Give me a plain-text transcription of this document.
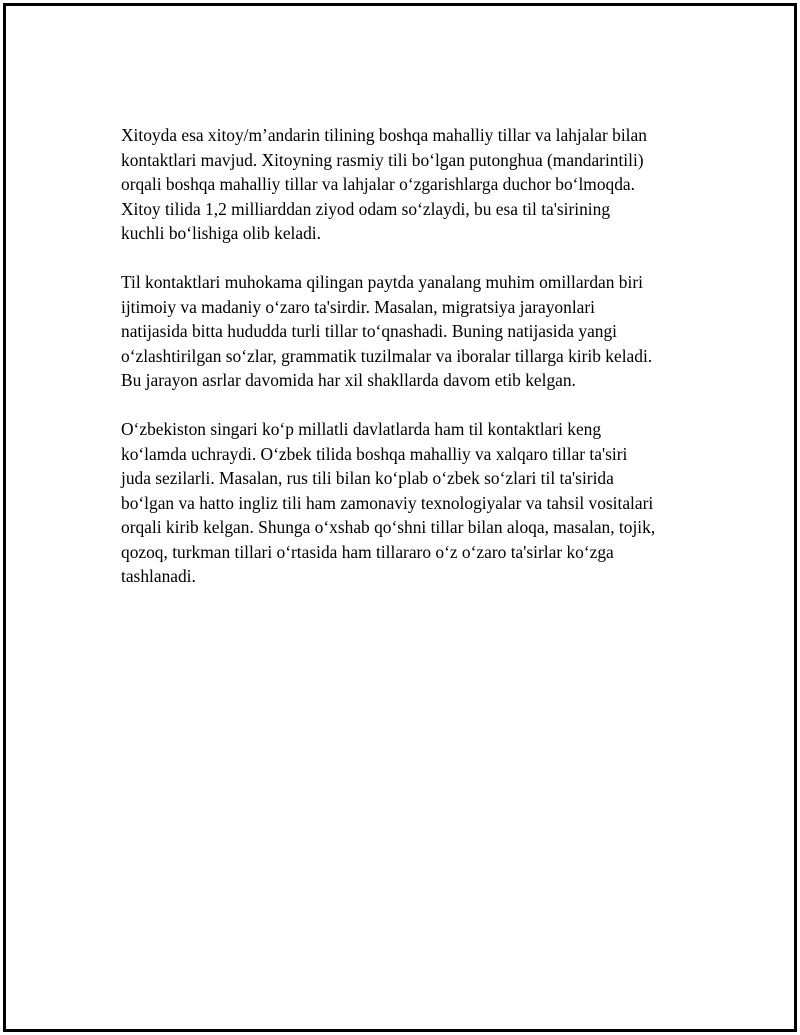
Xitoyda esa xitoy/m’andarin tilining boshqa mahalliy tillar va lahjalar bilan
kontaktlari mavjud. Xitoyning rasmiy tili bo‘lgan putonghua (mandarintili)
orqali boshqa mahalliy tillar va lahjalar o‘zgarishlarga duchor bo‘lmoqda.
Xitoy tilida 1,2 milliarddan ziyod odam so‘zlaydi, bu esa til ta'sirining
kuchli bo‘lishiga olib keladi.

Til kontaktlari muhokama qilingan paytda yanalang muhim omillardan biri
ijtimoiy va madaniy o‘zaro ta'sirdir. Masalan, migratsiya jarayonlari
natijasida bitta hududda turli tillar to‘qnashadi. Buning natijasida yangi
o‘zlashtirilgan so‘zlar, grammatik tuzilmalar va iboralar tillarga kirib keladi.
Bu jarayon asrlar davomida har xil shakllarda davom etib kelgan.

O‘zbekiston singari ko‘p millatli davlatlarda ham til kontaktlari keng
ko‘lamda uchraydi. O‘zbek tilida boshqa mahalliy va xalqaro tillar ta'siri
juda sezilarli. Masalan, rus tili bilan ko‘plab o‘zbek so‘zlari til ta'sirida
bo‘lgan va hatto ingliz tili ham zamonaviy texnologiyalar va tahsil vositalari
orqali kirib kelgan. Shunga o‘xshab qo‘shni tillar bilan aloqa, masalan, tojik,
qozoq, turkman tillari o‘rtasida ham tillararo o‘z o‘zaro ta'sirlar ko‘zga
tashlanadi.
